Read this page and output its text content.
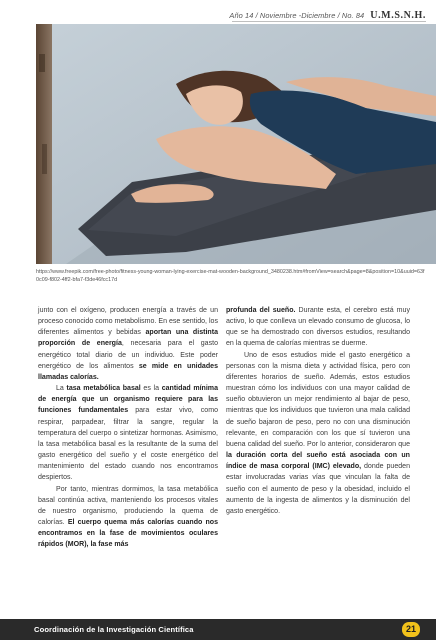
Año 14 / Noviembre -Diciembre / No. 84 U.M.S.N.H.
https://www.freepik.com/free-photo/fitness-young-woman-lying-exercise-mat-wooden-background_3480238.htm#fromView=search&page=8&position=10&uuid=63f0c09-f802-4ff2-bfa7-f3de46fcc17d

junto con el oxígeno, producen energía a través de un proceso conocido como metabolismo. En ese sentido, los diferentes alimentos y bebidas aportan una distinta proporción de energía, necesaria para el gasto energético total diario de un individuo. Este poder energético de los alimentos se mide en unidades llamadas calorías.

La tasa metabólica basal es la cantidad mínima de energía que un organismo requiere para las funciones fundamentales para estar vivo, como respirar, parpadear, filtrar la sangre, regular la temperatura del cuerpo o sintetizar hormonas. Asimismo, la tasa metabólica basal es la resultante de la suma del gasto energético del sueño y el coste energético del mantenimiento del estado cuando nos encontramos despiertos.

Por tanto, mientras dormimos, la tasa metabólica basal continúa activa, manteniendo los procesos vitales de nuestro organismo, produciendo la quema de calorías. El cuerpo quema más calorías cuando nos encontramos en la fase de movimientos oculares rápidos (MOR), la fase más

profunda del sueño. Durante esta, el cerebro está muy activo, lo que conlleva un elevado consumo de glucosa, lo que se ha demostrado con diversos estudios, resultando en la quema de calorías mientras se duerme.

Uno de esos estudios mide el gasto energético a personas con la misma dieta y actividad física, pero con diferentes horarios de sueño. Además, estos estudios muestran cómo los individuos con una mayor calidad de sueño obtuvieron un mejor rendimiento al bajar de peso, mientras que los individuos que tuvieron una mala calidad de sueño bajaron de peso, pero no con una disminución relevante, en comparación con los que sí tuvieron una buena calidad del sueño. Por lo anterior, consideraron que la duración corta del sueño está asociada con un índice de masa corporal (IMC) elevado, donde pueden estar involucradas varias vías que vinculan la falta de sueño con el aumento de peso y la obesidad, incluido el aumento de la ingesta de alimentos y la disminución del gasto energético.

Coordinación de la Investigación Científica	21
